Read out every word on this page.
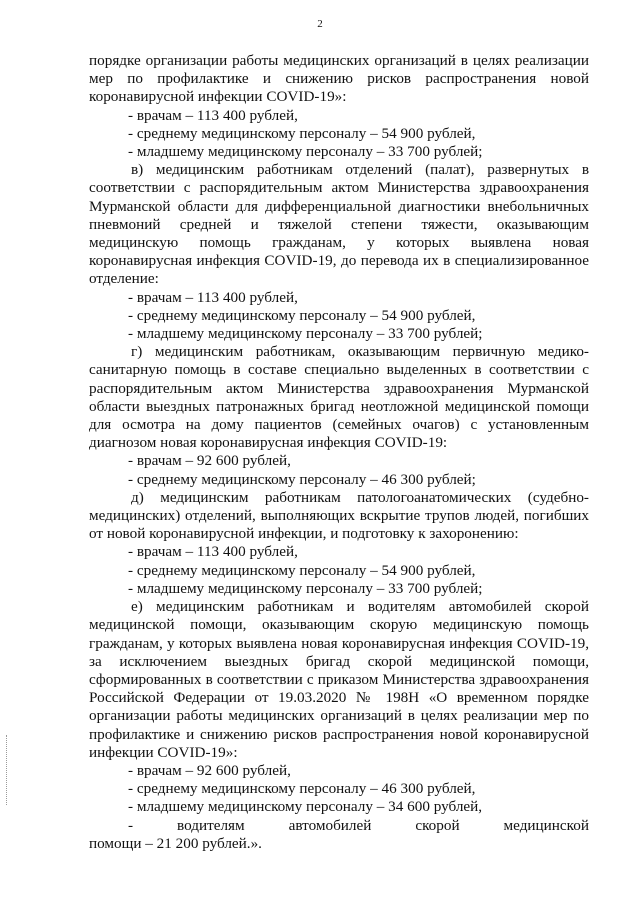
2

порядке организации работы медицинских организаций в целях реализации мер по профилактике и снижению рисков распространения новой коронавирусной инфекции COVID-19»:

- врачам – 113 400 рублей,

- среднему медицинскому персоналу – 54 900 рублей,

- младшему медицинскому персоналу – 33 700 рублей;

в) медицинским работникам отделений (палат), развернутых в соответствии с распорядительным актом Министерства здравоохранения Мурманской области для дифференциальной диагностики внебольничных пневмоний средней и тяжелой степени тяжести, оказывающим медицинскую помощь гражданам, у которых выявлена новая коронавирусная инфекция COVID-19, до перевода их в специализированное отделение:

- врачам – 113 400 рублей,

- среднему медицинскому персоналу – 54 900 рублей,

- младшему медицинскому персоналу – 33 700 рублей;

г) медицинским работникам, оказывающим первичную медико-санитарную помощь в составе специально выделенных в соответствии с распорядительным актом Министерства здравоохранения Мурманской области выездных патронажных бригад неотложной медицинской помощи для осмотра на дому пациентов (семейных очагов) с установленным диагнозом новая коронавирусная инфекция COVID-19:

- врачам – 92 600 рублей,

- среднему медицинскому персоналу – 46 300 рублей;

д) медицинским работникам патологоанатомических (судебно-медицинских) отделений, выполняющих вскрытие трупов людей, погибших от новой коронавирусной инфекции, и подготовку к захоронению:

- врачам – 113 400 рублей,

- среднему медицинскому персоналу – 54 900 рублей,

- младшему медицинскому персоналу – 33 700 рублей;

е) медицинским работникам и водителям автомобилей скорой медицинской помощи, оказывающим скорую медицинскую помощь гражданам, у которых выявлена новая коронавирусная инфекция COVID-19, за исключением выездных бригад скорой медицинской помощи, сформированных в соответствии с приказом Министерства здравоохранения Российской Федерации от 19.03.2020 № 198Н «О временном порядке организации работы медицинских организаций в целях реализации мер по профилактике и снижению рисков распространения новой коронавирусной инфекции COVID-19»:

- врачам – 92 600 рублей,

- среднему медицинскому персоналу – 46 300 рублей,

- младшему медицинскому персоналу – 34 600 рублей,

- водителям автомобилей скорой медицинской

помощи – 21 200 рублей.».
